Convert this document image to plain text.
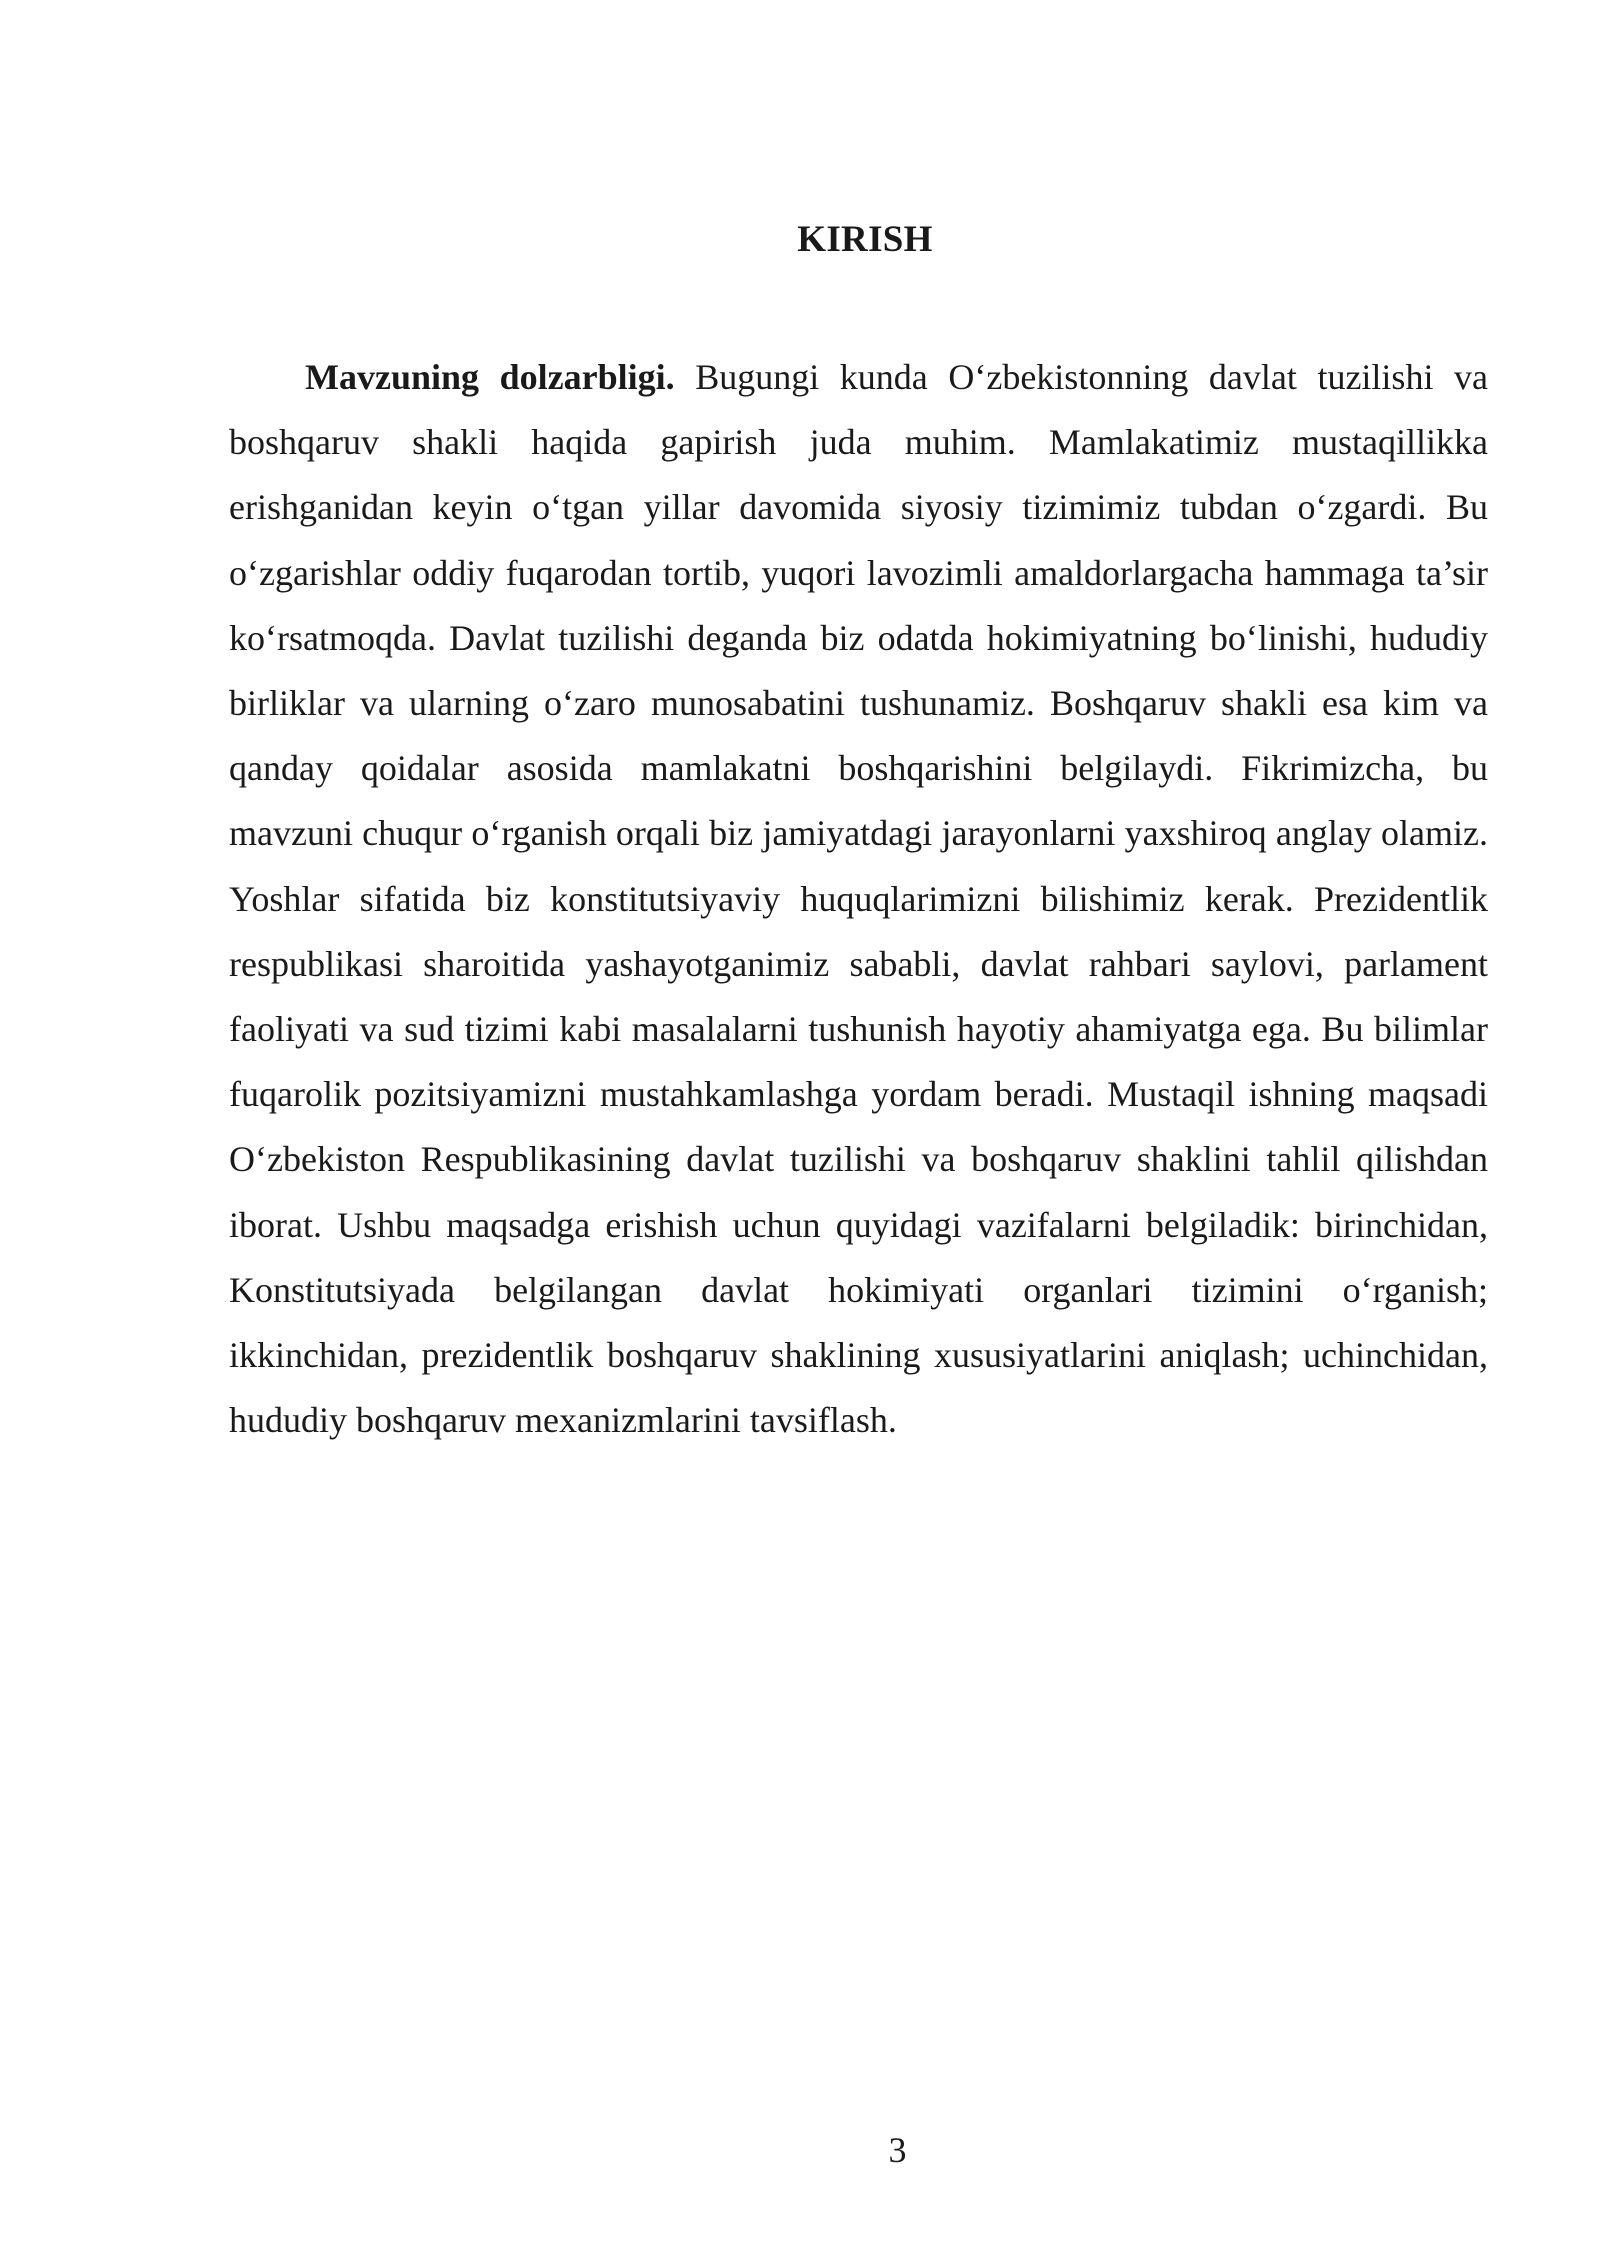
KIRISH

Mavzuning dolzarbligi. Bugungi kunda O‘zbekistonning davlat tuzilishi va boshqaruv shakli haqida gapirish juda muhim. Mamlakatimiz mustaqillikka erishganidan keyin o‘tgan yillar davomida siyosiy tizimimiz tubdan o‘zgardi. Bu o‘zgarishlar oddiy fuqarodan tortib, yuqori lavozimli amaldorlargacha hammaga ta’sir ko‘rsatmoqda. Davlat tuzilishi deganda biz odatda hokimiyatning bo‘linishi, hududiy birliklar va ularning o‘zaro munosabatini tushunamiz. Boshqaruv shakli esa kim va qanday qoidalar asosida mamlakatni boshqarishini belgilaydi. Fikrimizcha, bu mavzuni chuqur o‘rganish orqali biz jamiyatdagi jarayonlarni yaxshiroq anglay olamiz. Yoshlar sifatida biz konstitutsiyaviy huquqlarimizni bilishimiz kerak. Prezidentlik respublikasi sharoitida yashayotganimiz sababli, davlat rahbari saylovi, parlament faoliyati va sud tizimi kabi masalalarni tushunish hayotiy ahamiyatga ega. Bu bilimlar fuqarolik pozitsiyamizni mustahkamlashga yordam beradi. Mustaqil ishning maqsadi O‘zbekiston Respublikasining davlat tuzilishi va boshqaruv shaklini tahlil qilishdan iborat. Ushbu maqsadga erishish uchun quyidagi vazifalarni belgiladik: birinchidan, Konstitutsiyada belgilangan davlat hokimiyati organlari tizimini o‘rganish; ikkinchidan, prezidentlik boshqaruv shaklining xususiyatlarini aniqlash; uchinchidan, hududiy boshqaruv mexanizmlarini tavsiflash.

3
